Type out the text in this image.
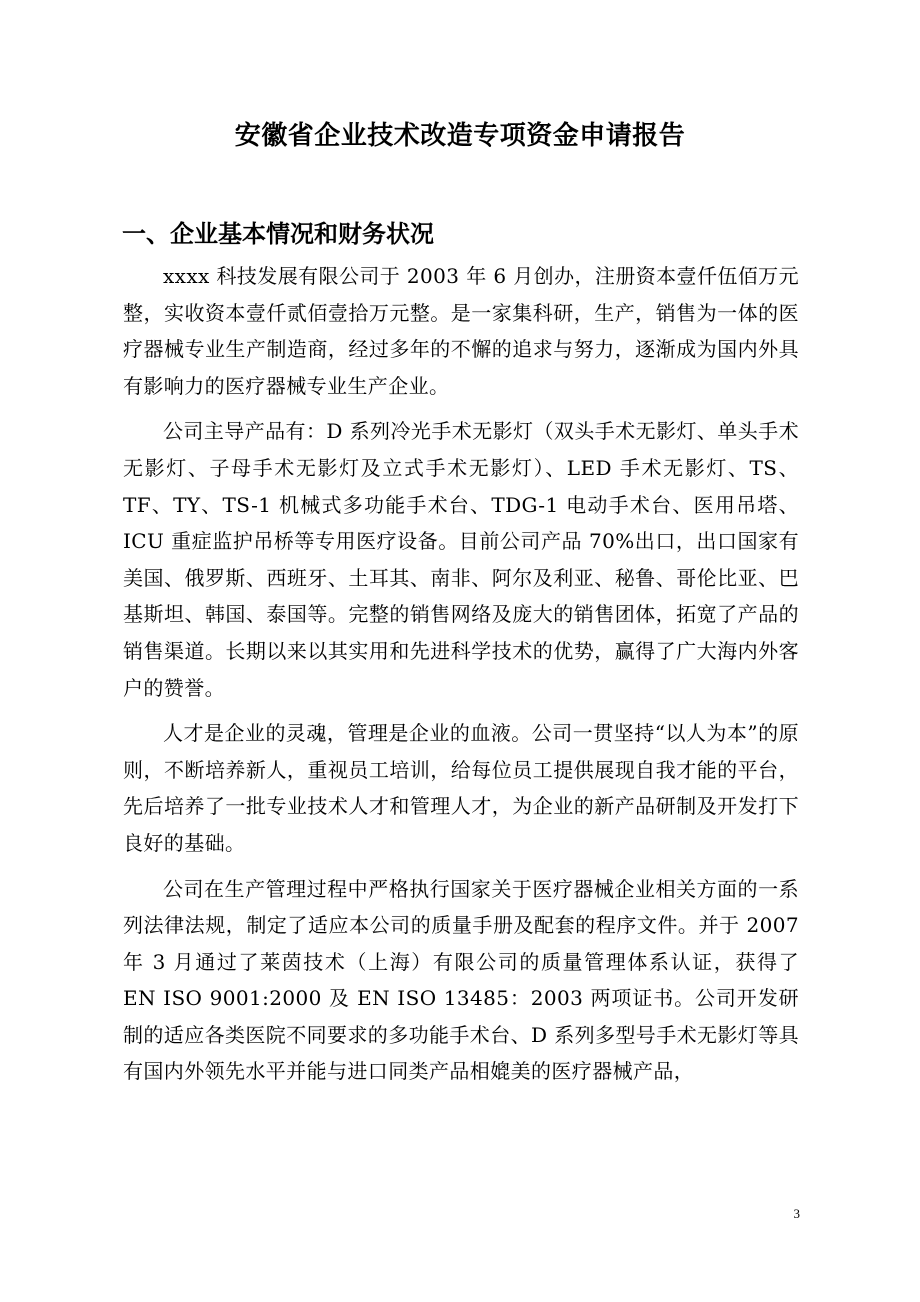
安徽省企业技术改造专项资金申请报告
一、企业基本情况和财务状况

xxxx 科技发展有限公司于 2003 年 6 月创办，注册资本壹仟伍佰万元整，实收资本壹仟贰佰壹拾万元整。是一家集科研，生产，销售为一体的医疗器械专业生产制造商，经过多年的不懈的追求与努力，逐渐成为国内外具有影响力的医疗器械专业生产企业。

公司主导产品有：D 系列冷光手术无影灯（双头手术无影灯、单头手术无影灯、子母手术无影灯及立式手术无影灯）、LED 手术无影灯、TS、TF、TY、TS-1 机械式多功能手术台、TDG-1 电动手术台、医用吊塔、ICU 重症监护吊桥等专用医疗设备。目前公司产品 70%出口，出口国家有美国、俄罗斯、西班牙、土耳其、南非、阿尔及利亚、秘鲁、哥伦比亚、巴基斯坦、韩国、泰国等。完整的销售网络及庞大的销售团体，拓宽了产品的销售渠道。长期以来以其实用和先进科学技术的优势，赢得了广大海内外客户的赞誉。

人才是企业的灵魂，管理是企业的血液。公司一贯坚持“以人为本”的原则，不断培养新人，重视员工培训，给每位员工提供展现自我才能的平台，先后培养了一批专业技术人才和管理人才，为企业的新产品研制及开发打下良好的基础。

公司在生产管理过程中严格执行国家关于医疗器械企业相关方面的一系列法律法规，制定了适应本公司的质量手册及配套的程序文件。并于 2007 年 3 月通过了莱茵技术（上海）有限公司的质量管理体系认证，获得了 EN ISO 9001:2000 及 EN ISO 13485：2003 两项证书。公司开发研制的适应各类医院不同要求的多功能手术台、D 系列多型号手术无影灯等具有国内外领先水平并能与进口同类产品相媲美的医疗器械产品，

3
